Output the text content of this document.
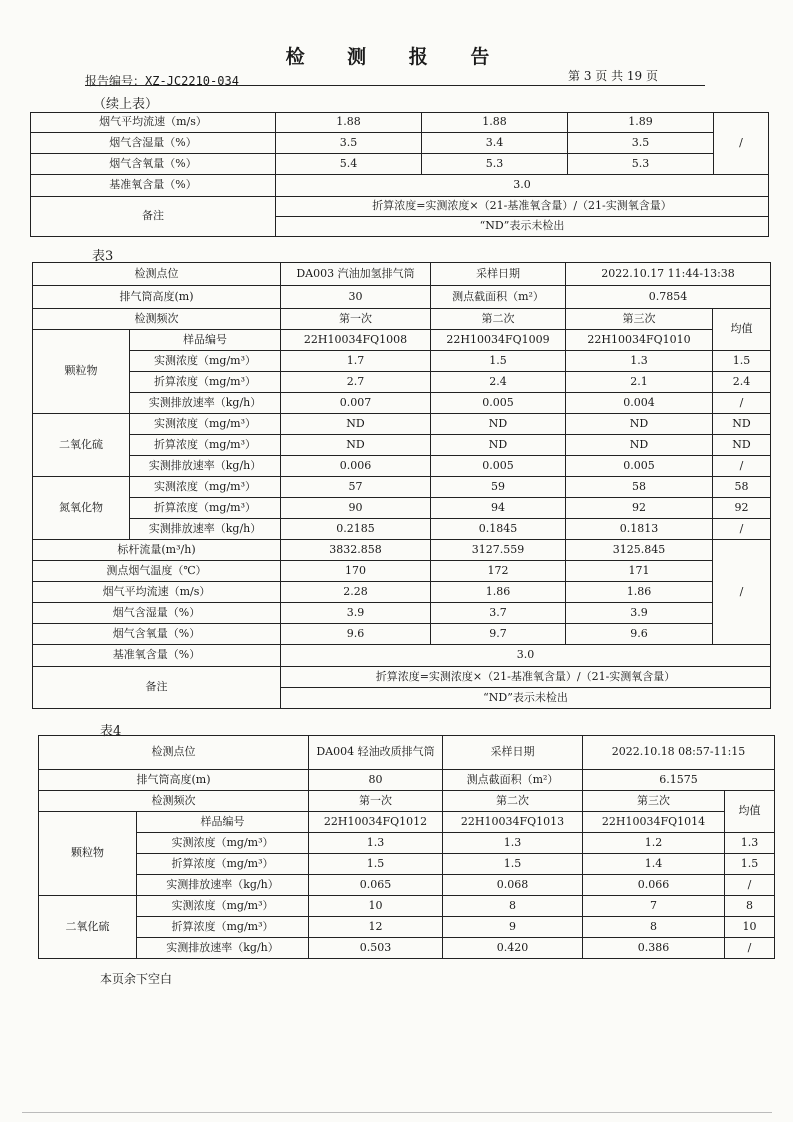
检 测 报 告
报告编号：XZ-JC2210-034	第 3 页 共 19 页
（续上表）
烟气平均流速（m/s）	1.88	1.88	1.89	/
烟气含湿量（%）	3.5	3.4	3.5	
烟气含氧量（%）	5.4	5.3	5.3	
基准氧含量（%）	3.0			
备注	折算浓度=实测浓度×（21-基准氧含量）/（21-实测氧含量）			
	“ND”表示未检出			
表3
检测点位		DA003 汽油加氢排气筒	采样日期	2022.10.17 11:44-13:38	
排气筒高度(m)		30	测点截面积（m²）	0.7854	
检测频次		第一次	第二次	第三次	均值
颗粒物	样品编号	22H10034FQ1008	22H10034FQ1009	22H10034FQ1010	
	实测浓度（mg/m³）	1.7	1.5	1.3	1.5
	折算浓度（mg/m³）	2.7	2.4	2.1	2.4
	实测排放速率（kg/h）	0.007	0.005	0.004	/
二氧化硫	实测浓度（mg/m³）	ND	ND	ND	ND
	折算浓度（mg/m³）	ND	ND	ND	ND
	实测排放速率（kg/h）	0.006	0.005	0.005	/
氮氧化物	实测浓度（mg/m³）	57	59	58	58
	折算浓度（mg/m³）	90	94	92	92
	实测排放速率（kg/h）	0.2185	0.1845	0.1813	/
标杆流量(m³/h)		3832.858	3127.559	3125.845	/
测点烟气温度（℃）		170	172	171	
烟气平均流速（m/s）		2.28	1.86	1.86	
烟气含湿量（%）		3.9	3.7	3.9	
烟气含氧量（%）		9.6	9.7	9.6	
基准氧含量（%）		3.0			
备注		折算浓度=实测浓度×（21-基准氧含量）/（21-实测氧含量）			
		“ND”表示未检出			
表4
检测点位		DA004 轻油改质排气筒	采样日期	2022.10.18 08:57-11:15	
排气筒高度(m)		80	测点截面积（m²）	6.1575	
检测频次		第一次	第二次	第三次	均值
颗粒物	样品编号	22H10034FQ1012	22H10034FQ1013	22H10034FQ1014	
	实测浓度（mg/m³）	1.3	1.3	1.2	1.3
	折算浓度（mg/m³）	1.5	1.5	1.4	1.5
	实测排放速率（kg/h）	0.065	0.068	0.066	/
二氧化硫	实测浓度（mg/m³）	10	8	7	8
	折算浓度（mg/m³）	12	9	8	10
	实测排放速率（kg/h）	0.503	0.420	0.386	/
本页余下空白
